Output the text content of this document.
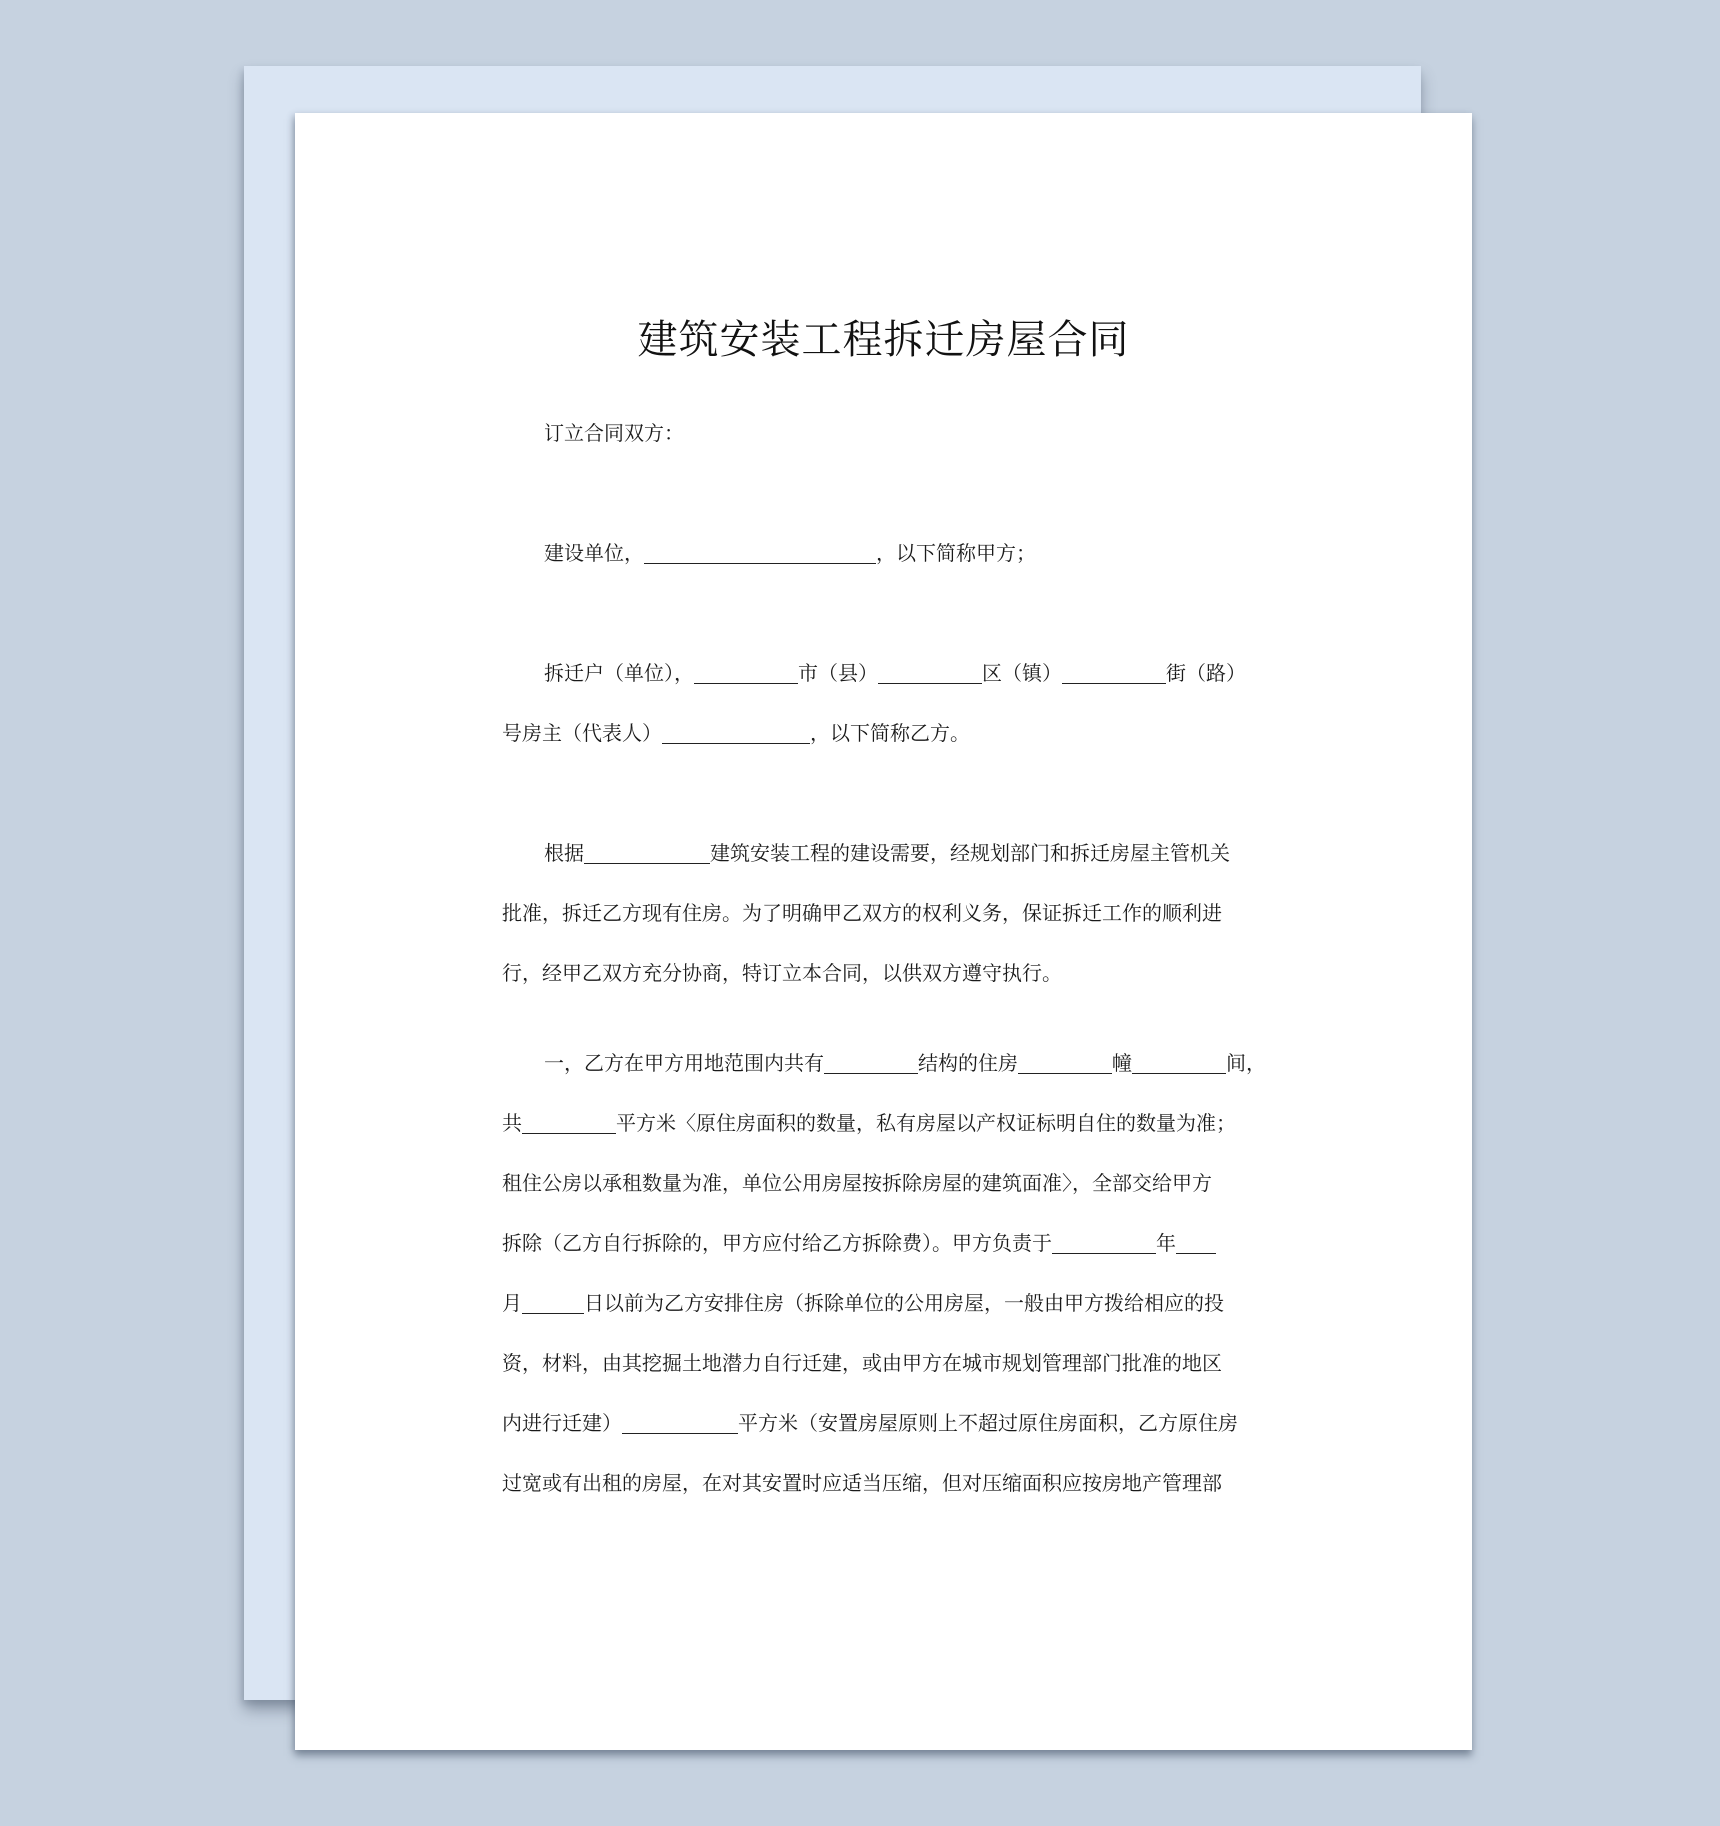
建筑安装工程拆迁房屋合同
订立合同双方：
建设单位，	，以下简称甲方；
拆迁户（单位），	市（县）	区（镇）	街（路）
号房主（代表人）	，以下简称乙方。
根据	建筑安装工程的建设需要，经规划部门和拆迁房屋主管机关
批准，拆迁乙方现有住房。为了明确甲乙双方的权利义务，保证拆迁工作的顺利进
行，经甲乙双方充分协商，特订立本合同，以供双方遵守执行。
一，乙方在甲方用地范围内共有	结构的住房	幢	间，
共	平方米〈原住房面积的数量，私有房屋以产权证标明自住的数量为准；
租住公房以承租数量为准，单位公用房屋按拆除房屋的建筑面准〉，全部交给甲方
拆除（乙方自行拆除的，甲方应付给乙方拆除费）。甲方负责于	年
月	日以前为乙方安排住房（拆除单位的公用房屋，一般由甲方拨给相应的投
资，材料，由其挖掘土地潜力自行迁建，或由甲方在城市规划管理部门批准的地区
内进行迁建）	平方米（安置房屋原则上不超过原住房面积，乙方原住房
过宽或有出租的房屋，在对其安置时应适当压缩，但对压缩面积应按房地产管理部
